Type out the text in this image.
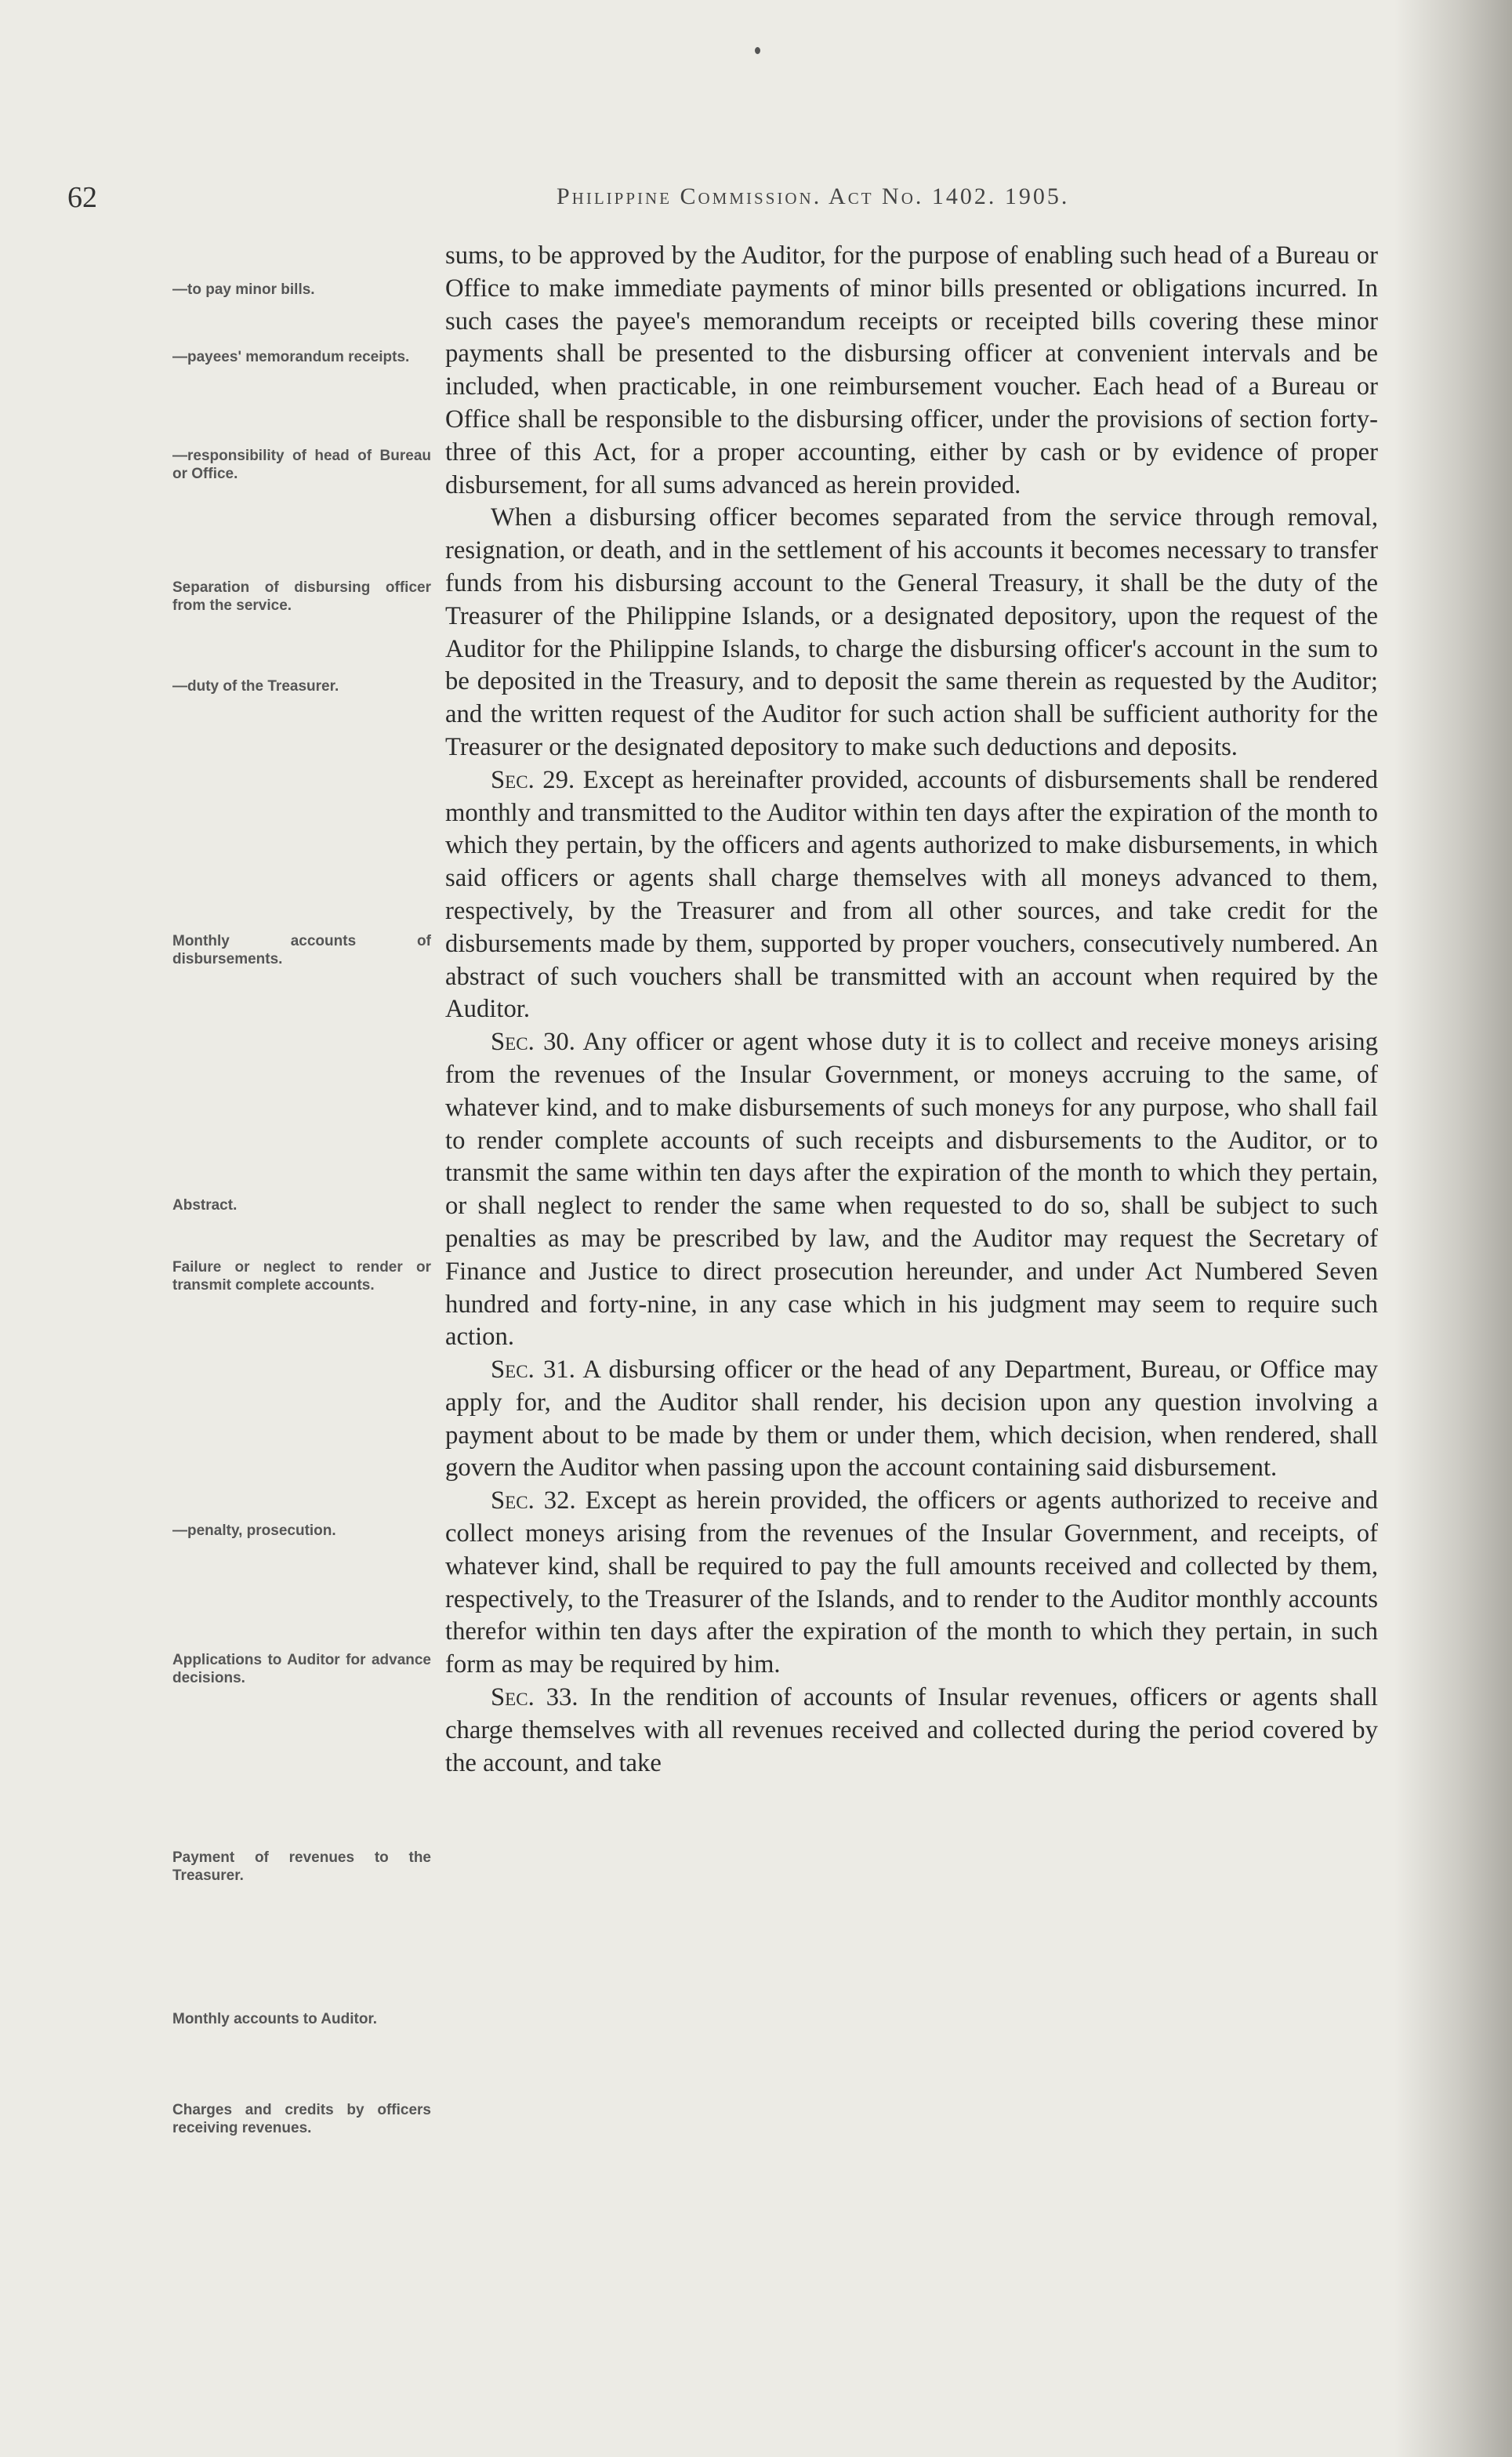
62	Philippine Commission. Act No. 1402. 1905.
—to pay minor bills.
—payees' memorandum receipts.
—responsibility of head of Bureau or Office.
Separation of disbursing officer from the service.
—duty of the Treasurer.
Monthly accounts of disbursements.
Abstract.
Failure or neglect to render or transmit complete accounts.
—penalty, prosecution.
Applications to Auditor for advance decisions.
Payment of revenues to the Treasurer.
Monthly accounts to Auditor.
Charges and credits by officers receiving revenues.

sums, to be approved by the Auditor, for the purpose of enabling such head of a Bureau or Office to make immediate payments of minor bills presented or obligations incurred. In such cases the payee's memorandum receipts or receipted bills covering these minor payments shall be presented to the disbursing officer at convenient intervals and be included, when practicable, in one reimbursement voucher. Each head of a Bureau or Office shall be responsible to the disbursing officer, under the provisions of section forty-three of this Act, for a proper accounting, either by cash or by evidence of proper disbursement, for all sums advanced as herein provided.

When a disbursing officer becomes separated from the service through removal, resignation, or death, and in the settlement of his accounts it becomes necessary to transfer funds from his disbursing account to the General Treasury, it shall be the duty of the Treasurer of the Philippine Islands, or a designated depository, upon the request of the Auditor for the Philippine Islands, to charge the disbursing officer's account in the sum to be deposited in the Treasury, and to deposit the same therein as requested by the Auditor; and the written request of the Auditor for such action shall be sufficient authority for the Treasurer or the designated depository to make such deductions and deposits.

Sec. 29. Except as hereinafter provided, accounts of disbursements shall be rendered monthly and transmitted to the Auditor within ten days after the expiration of the month to which they pertain, by the officers and agents authorized to make disbursements, in which said officers or agents shall charge themselves with all moneys advanced to them, respectively, by the Treasurer and from all other sources, and take credit for the disbursements made by them, supported by proper vouchers, consecutively numbered. An abstract of such vouchers shall be transmitted with an account when required by the Auditor.

Sec. 30. Any officer or agent whose duty it is to collect and receive moneys arising from the revenues of the Insular Government, or moneys accruing to the same, of whatever kind, and to make disbursements of such moneys for any purpose, who shall fail to render complete accounts of such receipts and disbursements to the Auditor, or to transmit the same within ten days after the expiration of the month to which they pertain, or shall neglect to render the same when requested to do so, shall be subject to such penalties as may be prescribed by law, and the Auditor may request the Secretary of Finance and Justice to direct prosecution hereunder, and under Act Numbered Seven hundred and forty-nine, in any case which in his judgment may seem to require such action.

Sec. 31. A disbursing officer or the head of any Department, Bureau, or Office may apply for, and the Auditor shall render, his decision upon any question involving a payment about to be made by them or under them, which decision, when rendered, shall govern the Auditor when passing upon the account containing said disbursement.

Sec. 32. Except as herein provided, the officers or agents authorized to receive and collect moneys arising from the revenues of the Insular Government, and receipts, of whatever kind, shall be required to pay the full amounts received and collected by them, respectively, to the Treasurer of the Islands, and to render to the Auditor monthly accounts therefor within ten days after the expiration of the month to which they pertain, in such form as may be required by him.

Sec. 33. In the rendition of accounts of Insular revenues, officers or agents shall charge themselves with all revenues received and collected during the period covered by the account, and take
